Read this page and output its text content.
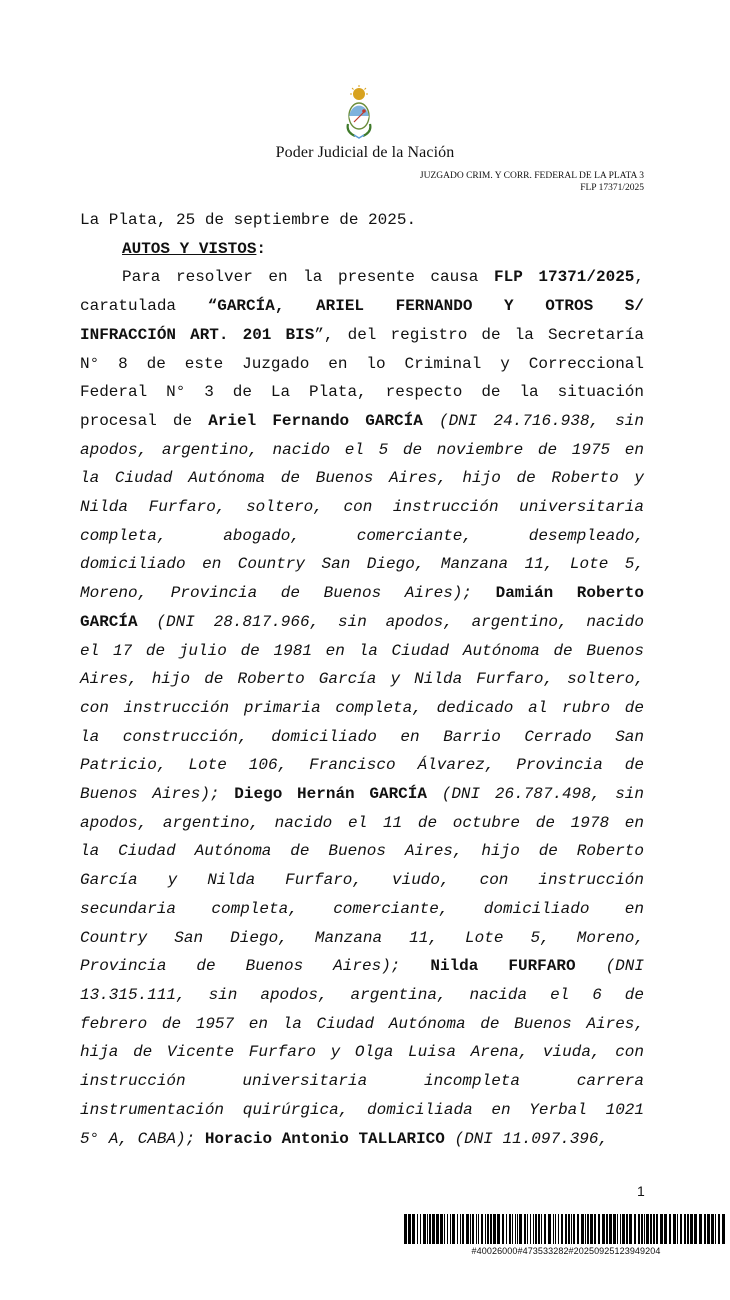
Poder Judicial de la Nación
JUZGADO CRIM. Y CORR. FEDERAL DE LA PLATA 3
FLP 17371/2025
La Plata, 25 de septiembre de 2025.
AUTOS Y VISTOS:
Para resolver en la presente causa FLP 17371/2025,
caratulada “GARCÍA, ARIEL FERNANDO Y OTROS S/
INFRACCIÓN ART. 201 BIS”, del registro de la Secretaría
N° 8 de este Juzgado en lo Criminal y Correccional
Federal N° 3 de La Plata, respecto de la situación
procesal de Ariel Fernando GARCÍA (DNI 24.716.938, sin
apodos, argentino, nacido el 5 de noviembre de 1975 en
la Ciudad Autónoma de Buenos Aires, hijo de Roberto y
Nilda Furfaro, soltero, con instrucción universitaria
completa, abogado, comerciante, desempleado,
domiciliado en Country San Diego, Manzana 11, Lote 5,
Moreno, Provincia de Buenos Aires); Damián Roberto
GARCÍA (DNI 28.817.966, sin apodos, argentino, nacido
el 17 de julio de 1981 en la Ciudad Autónoma de Buenos
Aires, hijo de Roberto García y Nilda Furfaro, soltero,
con instrucción primaria completa, dedicado al rubro de
la construcción, domiciliado en Barrio Cerrado San
Patricio, Lote 106, Francisco Álvarez, Provincia de
Buenos Aires); Diego Hernán GARCÍA (DNI 26.787.498, sin
apodos, argentino, nacido el 11 de octubre de 1978 en
la Ciudad Autónoma de Buenos Aires, hijo de Roberto
García y Nilda Furfaro, viudo, con instrucción
secundaria completa, comerciante, domiciliado en
Country San Diego, Manzana 11, Lote 5, Moreno,
Provincia de Buenos Aires); Nilda FURFARO (DNI
13.315.111, sin apodos, argentina, nacida el 6 de
febrero de 1957 en la Ciudad Autónoma de Buenos Aires,
hija de Vicente Furfaro y Olga Luisa Arena, viuda, con
instrucción universitaria incompleta carrera
instrumentación quirúrgica, domiciliada en Yerbal 1021
5° A, CABA); Horacio Antonio TALLARICO (DNI 11.097.396,
1
#40026000#473533282#20250925123949204
